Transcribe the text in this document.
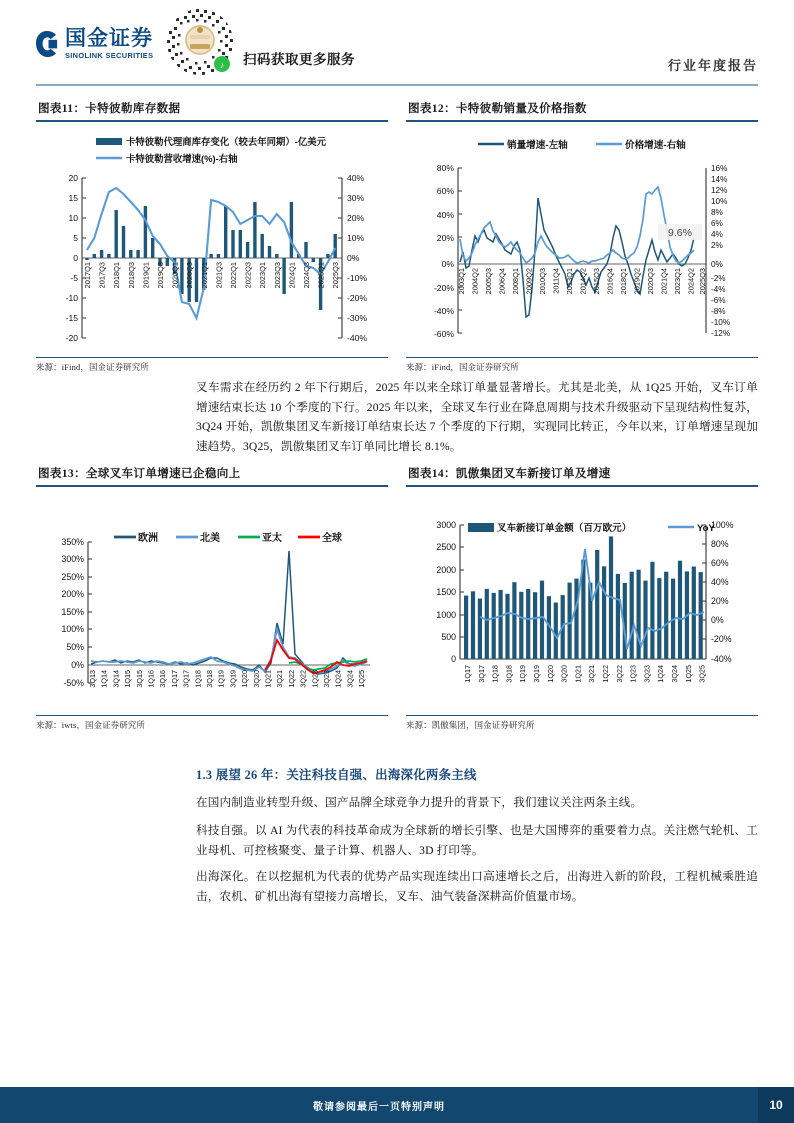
国金证券
SINOLINK SECURITIES
♪ 扫码获取更多服务	行业年度报告
图表11：卡特彼勒库存数据
卡特彼勒代理商库存变化（较去年同期）-亿美元
卡特彼勒营收增速(%)-右轴
20
15
10
5
0
-5
-10
-15
-20
40%
30%
20%
10%
0%
-10%
-20%
-30%
-40%
2017Q1 2017Q3 2018Q1 2018Q3 2019Q1 2019Q3 2020Q1 2020Q3 2021Q1 2021Q3 2022Q1 2022Q3 2023Q1 2023Q3 2024Q1 2024Q3 2025Q1 2025Q3
来源：iFind，国金证券研究所
图表12：卡特彼勒销量及价格指数
销量增速-左轴	价格增速-右轴
80%
60%
40%
20%
0%
-20%
-40%
-60%
16%
14%
12%
10%
8%
6%
4%
2%
0%
-2%
-4%
-6%
-8%
-10%
-12%
9.6%
2003Q1 2004Q2 2005Q3 2006Q4 2008Q1 2009Q2 2010Q3 2011Q4 2013Q1 2014Q2 2015Q3 2016Q4 2018Q1 2019Q2 2020Q3 2021Q4 2023Q1 2024Q2 2025Q3
来源：iFind，国金证券研究所
叉车需求在经历约 2 年下行期后，2025 年以来全球订单量显著增长。尤其是北美，从 1Q25 开始，叉车订单增速结束长达 10 个季度的下行。2025 年以来，全球叉车行业在降息周期与技术升级驱动下呈现结构性复苏，3Q24 开始，凯傲集团叉车新接订单结束长达 7 个季度的下行期，实现同比转正，今年以来，订单增速呈现加速趋势。3Q25，凯傲集团叉车订单同比增长 8.1%。
图表13：全球叉车订单增速已企稳向上
欧洲	北美	亚太	全球
350%
300%
250%
200%
150%
100%
50%
0%
-50% 3Q13 1Q14 3Q14 1Q15 3Q15 1Q16 3Q16 1Q17 3Q17 1Q18 3Q18 1Q19 3Q19 1Q20 3Q20 1Q21 3Q21 1Q22 3Q22 1Q23 3Q23 1Q24 3Q24 1Q25
来源：iwts，国金证券研究所
图表14：凯傲集团叉车新接订单及增速
叉车新接订单金额（百万欧元）	YoY
3000
2500
2000
1500
1000
500
0
100%
80%
60%
40%
20%
0%
-20%
-40%
1Q17 3Q17 1Q18 3Q18 1Q19 3Q19 1Q20 3Q20 1Q21 3Q21 1Q22 3Q22 1Q23 3Q23 1Q24 3Q24 1Q25 3Q25
来源：凯傲集团，国金证券研究所
1.3 展望 26 年：关注科技自强、出海深化两条主线
在国内制造业转型升级、国产品牌全球竞争力提升的背景下，我们建议关注两条主线。
科技自强。以 AI 为代表的科技革命成为全球新的增长引擎、也是大国博弈的重要着力点。关注燃气轮机、工业母机、可控核聚变、量子计算、机器人、3D 打印等。
出海深化。在以挖掘机为代表的优势产品实现连续出口高速增长之后，出海进入新的阶段，工程机械乘胜追击，农机、矿机出海有望接力高增长，叉车、油气装备深耕高价值量市场。
敬请参阅最后一页特别声明	10
